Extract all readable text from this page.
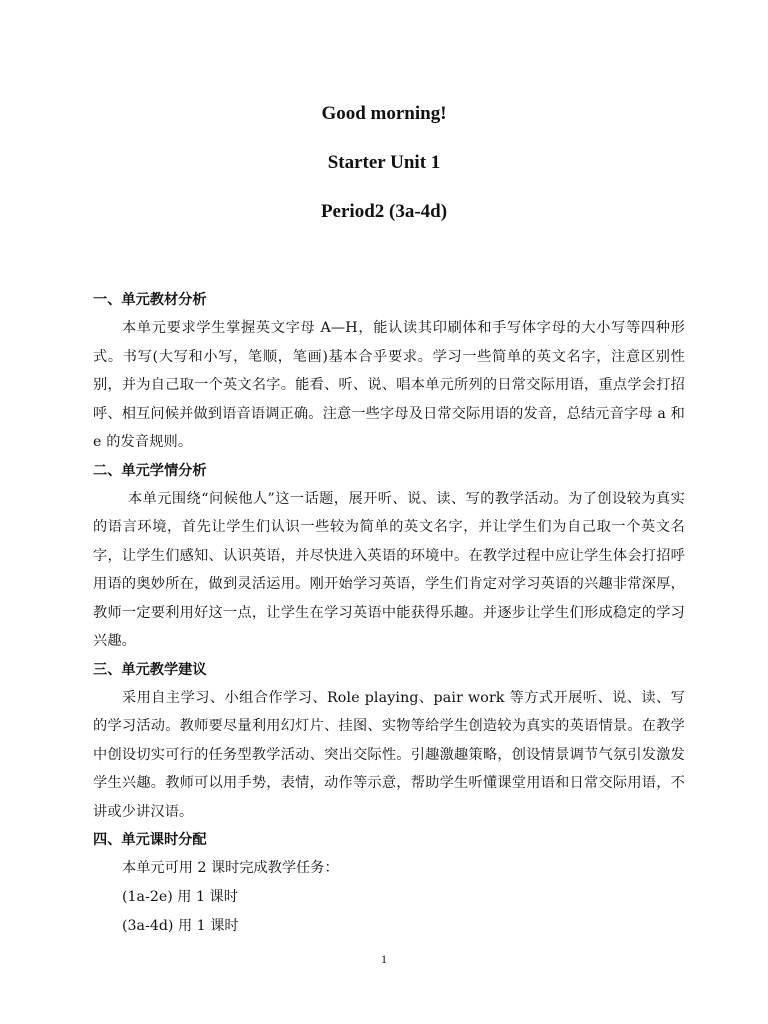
Good morning!
Starter Unit 1
Period2 (3a-4d)

一、单元教材分析

本单元要求学生掌握英文字母 A—H，能认读其印刷体和手写体字母的大小写等四种形式。书写(大写和小写，笔顺，笔画)基本合乎要求。学习一些简单的英文名字，注意区别性别，并为自己取一个英文名字。能看、听、说、唱本单元所列的日常交际用语，重点学会打招呼、相互问候并做到语音语调正确。注意一些字母及日常交际用语的发音，总结元音字母 a 和 e 的发音规则。

二、单元学情分析

本单元围绕“问候他人”这一话题，展开听、说、读、写的教学活动。为了创设较为真实的语言环境，首先让学生们认识一些较为简单的英文名字，并让学生们为自己取一个英文名字，让学生们感知、认识英语，并尽快进入英语的环境中。在教学过程中应让学生体会打招呼用语的奥妙所在，做到灵活运用。刚开始学习英语，学生们肯定对学习英语的兴趣非常深厚，教师一定要利用好这一点，让学生在学习英语中能获得乐趣。并逐步让学生们形成稳定的学习兴趣。

三、单元教学建议

采用自主学习、小组合作学习、Role playing、pair work 等方式开展听、说、读、写的学习活动。教师要尽量利用幻灯片、挂图、实物等给学生创造较为真实的英语情景。在教学中创设切实可行的任务型教学活动、突出交际性。引趣激趣策略，创设情景调节气氛引发激发学生兴趣。教师可以用手势，表情，动作等示意，帮助学生听懂课堂用语和日常交际用语，不讲或少讲汉语。

四、单元课时分配

本单元可用 2 课时完成教学任务：

(1a-2e) 用 1 课时

(3a-4d) 用 1 课时

1
